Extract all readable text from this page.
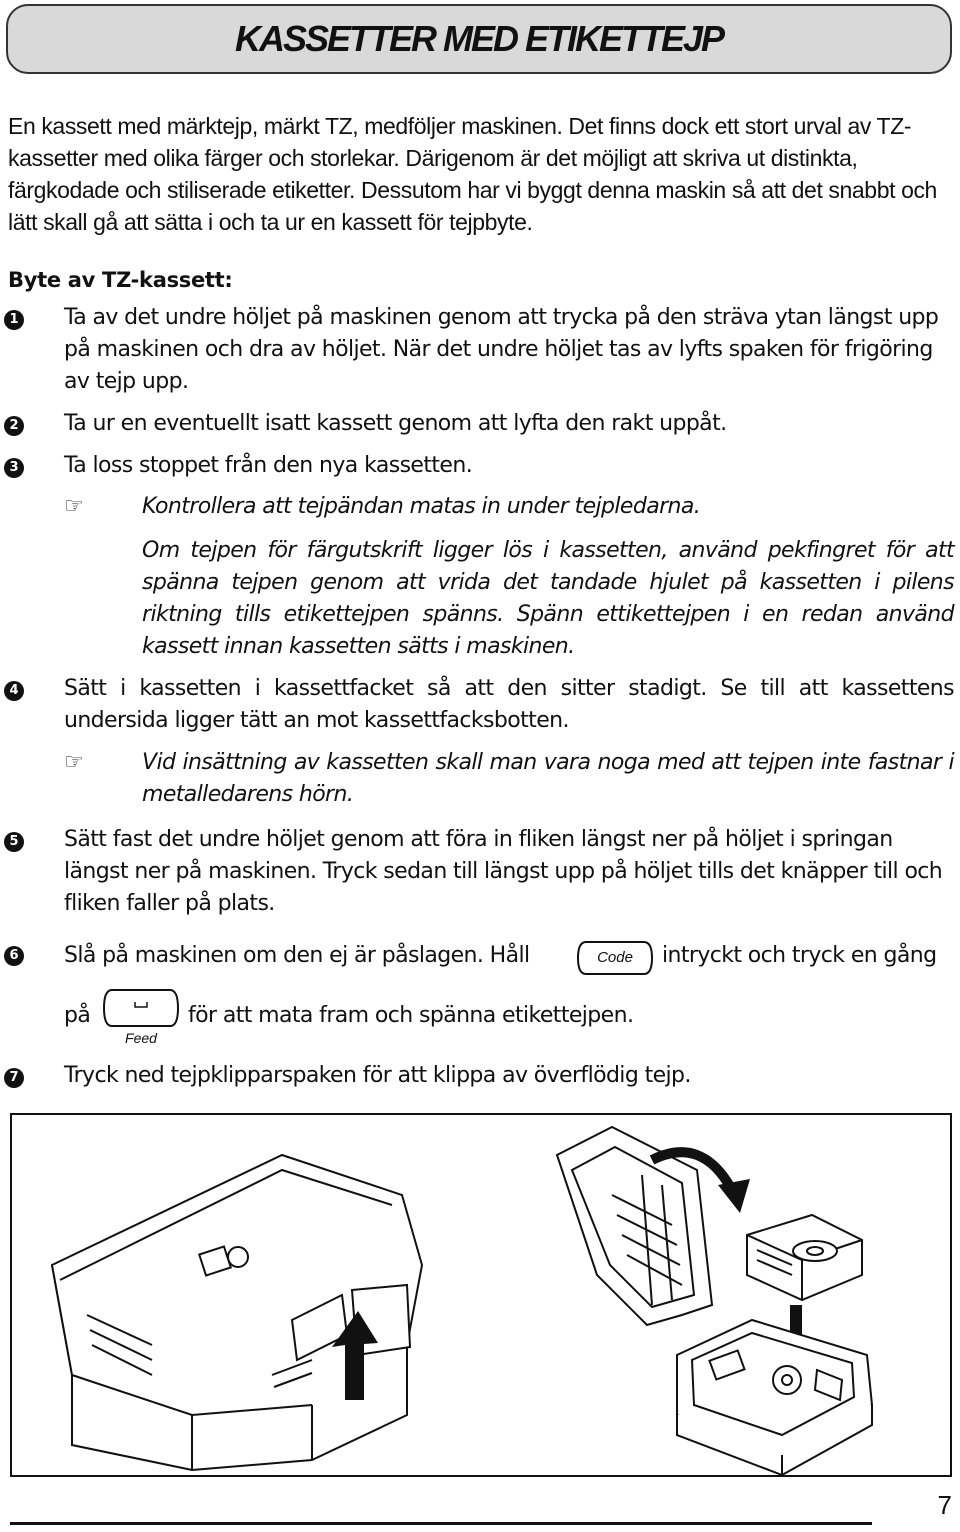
KASSETTER MED ETIKETTEJP
En kassett med märktejp, märkt TZ, medföljer maskinen. Det finns dock ett stort urval av TZ-kassetter med olika färger och storlekar. Därigenom är det möjligt att skriva ut distinkta, färgkodade och stiliserade etiketter. Dessutom har vi byggt denna maskin så att det snabbt och lätt skall gå att sätta i och ta ur en kassett för tejpbyte.
Byte av TZ-kassett:
1 Ta av det undre höljet på maskinen genom att trycka på den sträva ytan längst upp på maskinen och dra av höljet. När det undre höljet tas av lyfts spaken för frigöring av tejp upp.
2 Ta ur en eventuellt isatt kassett genom att lyfta den rakt uppåt.
3 Ta loss stoppet från den nya kassetten.
☞	Kontrollera att tejpändan matas in under tejpledarna.
Om tejpen för färgutskrift ligger lös i kassetten, använd pekfingret för att spänna tejpen genom att vrida det tandade hjulet på kassetten i pilens riktning tills etikettejpen spänns. Spänn ettikettejpen i en redan använd kassett innan kassetten sätts i maskinen.
4 Sätt i kassetten i kassettfacket så att den sitter stadigt. Se till att kassettens undersida ligger tätt an mot kassettfacksbotten.
☞	Vid insättning av kassetten skall man vara noga med att tejpen inte fastnar i metalledarens hörn.
5 Sätt fast det undre höljet genom att föra in fliken längst ner på höljet i springan längst ner på maskinen. Tryck sedan till längst upp på höljet tills det knäpper till och fliken faller på plats.
6 Slå på maskinen om den ej är påslagen. Håll	Code	intryckt och tryck en gång
på
Feed
för att mata fram och spänna etikettejpen.
7 Tryck ned tejpklipparspaken för att klippa av överflödig tejp.
7
